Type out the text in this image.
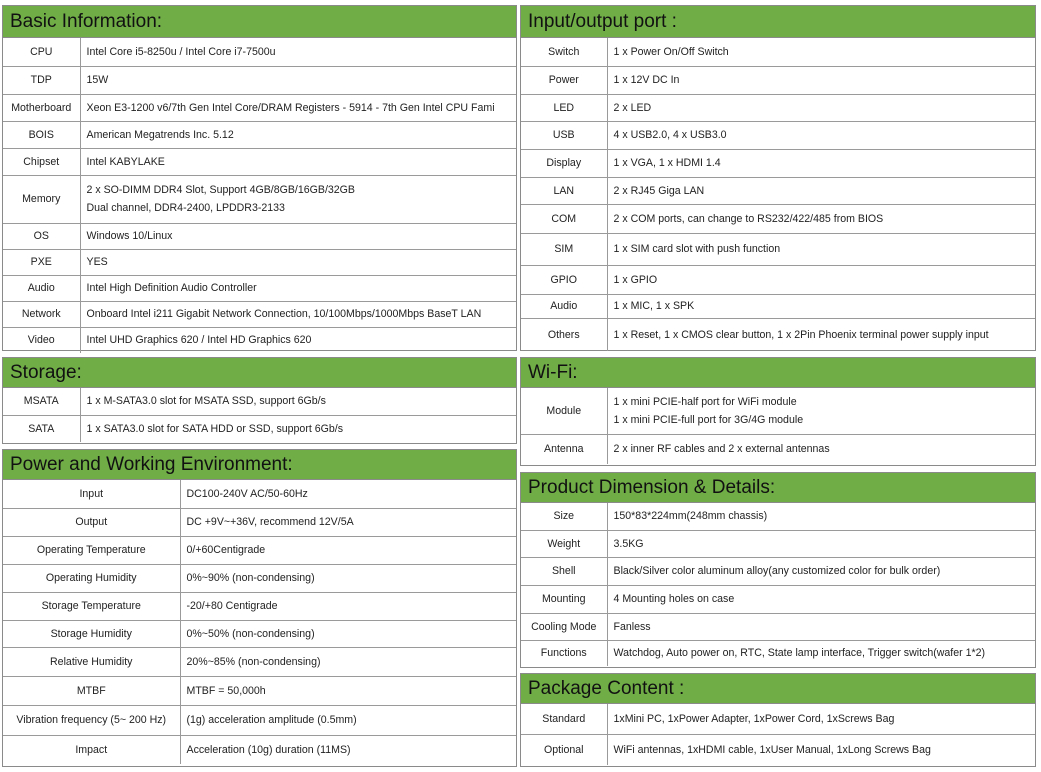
Basic Information:
CPU	Intel Core i5-8250u / Intel Core i7-7500u
TDP	15W
Motherboard	Xeon E3-1200 v6/7th Gen Intel Core/DRAM Registers - 5914 - 7th Gen Intel CPU Fami
BOIS	American Megatrends Inc. 5.12
Chipset	Intel KABYLAKE
Memory	2 x SO-DIMM DDR4 Slot, Support 4GB/8GB/16GB/32GB
Dual channel, DDR4-2400, LPDDR3-2133

OS	Windows 10/Linux
PXE	YES
Audio	Intel High Definition Audio Controller
Network	Onboard Intel i211 Gigabit Network Connection, 10/100Mbps/1000Mbps BaseT LAN
Video	Intel UHD Graphics 620 / Intel HD Graphics 620
Storage:
MSATA	1 x M-SATA3.0 slot for MSATA SSD, support 6Gb/s
SATA	1 x SATA3.0 slot for SATA HDD or SSD, support 6Gb/s
Power and Working Environment:
Input	DC100-240V AC/50-60Hz
Output	DC +9V~+36V, recommend 12V/5A
Operating Temperature	0/+60Centigrade
Operating Humidity	0%~90% (non-condensing)
Storage Temperature	-20/+80 Centigrade
Storage Humidity	0%~50% (non-condensing)
Relative Humidity	20%~85% (non-condensing)
MTBF	MTBF = 50,000h
Vibration frequency (5~ 200 Hz)	(1g) acceleration amplitude (0.5mm)
Impact	Acceleration (10g) duration (11MS)
Input/output port :
Switch	1 x Power On/Off Switch
Power	1 x 12V DC In
LED	2 x LED
USB	4 x USB2.0, 4 x USB3.0
Display	1 x VGA, 1 x HDMI 1.4
LAN	2 x RJ45 Giga LAN
COM	2 x COM ports, can change to RS232/422/485 from BIOS
SIM	1 x SIM card slot with push function
GPIO	1 x GPIO
Audio	1 x MIC, 1 x SPK
Others	1 x Reset, 1 x CMOS clear button, 1 x 2Pin Phoenix terminal power supply input
Wi-Fi:
Module	1 x mini PCIE-half port for WiFi module
1 x mini PCIE-full port for 3G/4G module

Antenna	2 x inner RF cables and 2 x external antennas
Product Dimension & Details:
Size	150*83*224mm(248mm chassis)
Weight	3.5KG
Shell	Black/Silver color aluminum alloy(any customized color for bulk order)
Mounting	4 Mounting holes on case
Cooling Mode	Fanless
Functions	Watchdog, Auto power on, RTC, State lamp interface, Trigger switch(wafer 1*2)
Package Content :
Standard	1xMini PC, 1xPower Adapter, 1xPower Cord, 1xScrews Bag
Optional	WiFi antennas, 1xHDMI cable, 1xUser Manual, 1xLong Screws Bag
